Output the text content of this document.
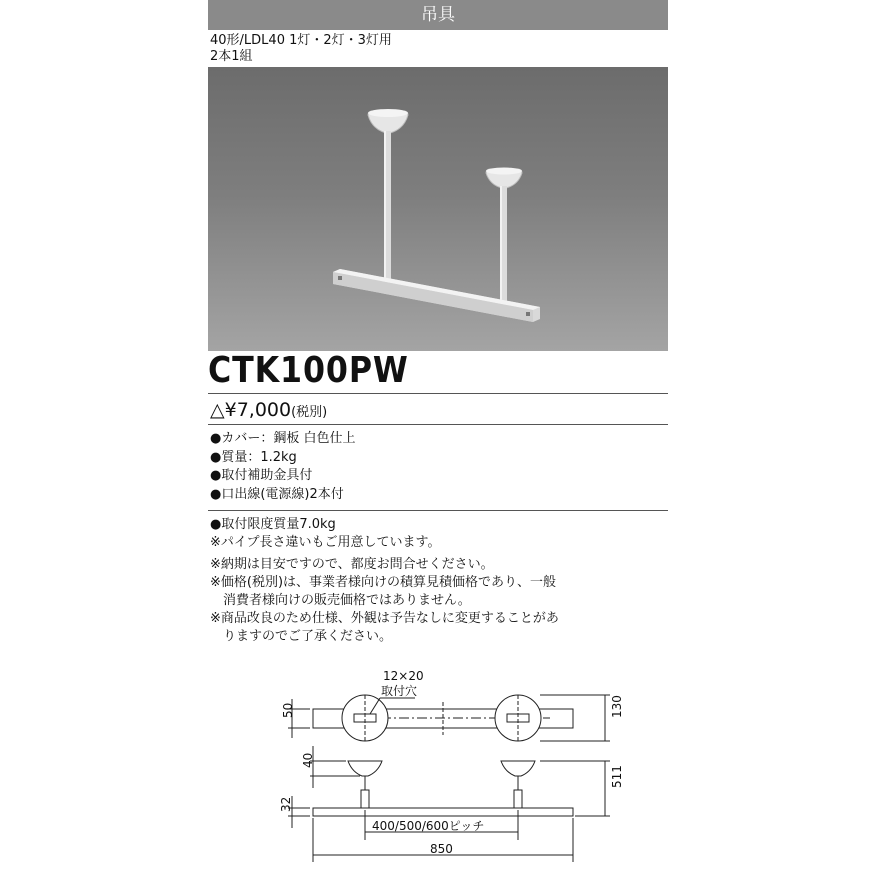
吊具
40形/LDL40 1灯・2灯・3灯用
2本1組
CTK100PW
△¥7,000(税別)
●カバー：鋼板 白色仕上
●質量：1.2kg
●取付補助金具付
●口出線(電源線)2本付
●取付限度質量7.0kg
※パイプ長さ違いもご用意しています。
※納期は目安ですので、都度お問合せください。
※価格(税別)は、事業者様向けの積算見積価格であり、一般
消費者様向けの販売価格ではありません。
※商品改良のため仕様、外観は予告なしに変更することがあ
りますのでご了承ください。
12×20
取付穴
50	130
40
511
32
400/500/600ピッチ
850
